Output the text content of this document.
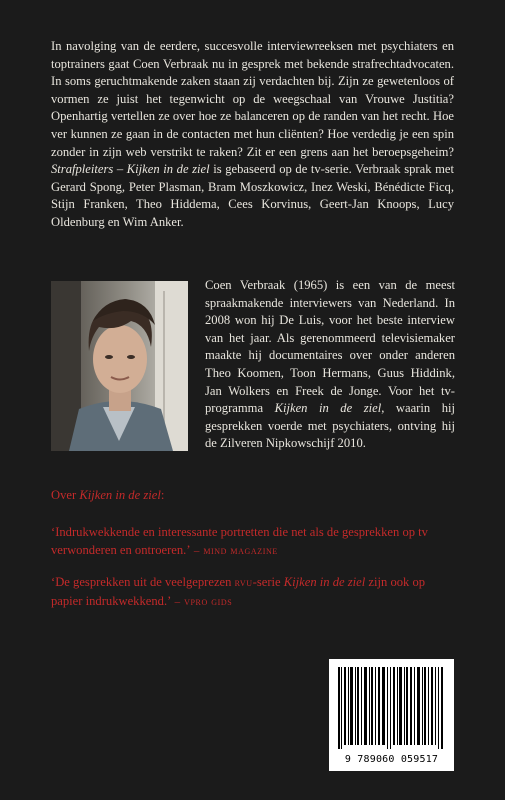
In navolging van de eerdere, succesvolle interviewreeksen met psychiaters en toptrainers gaat Coen Verbraak nu in gesprek met bekende strafrechtadvocaten. In soms geruchtmakende zaken staan zij verdachten bij. Zijn ze gewetenloos of vormen ze juist het tegenwicht op de weegschaal van Vrouwe Justitia? Openhartig vertellen ze over hoe ze balanceren op de randen van het recht. Hoe ver kunnen ze gaan in de contacten met hun cliënten? Hoe verdedig je een spin zonder in zijn web verstrikt te raken? Zit er een grens aan het beroepsgeheim? Strafpleiters – Kijken in de ziel is gebaseerd op de tv-serie. Verbraak sprak met Gerard Spong, Peter Plasman, Bram Moszkowicz, Inez Weski, Bénédicte Ficq, Stijn Franken, Theo Hiddema, Cees Korvinus, Geert-Jan Knoops, Lucy Oldenburg en Wim Anker.

Coen Verbraak (1965) is een van de meest spraakmakende interviewers van Nederland. In 2008 won hij De Luis, voor het beste interview van het jaar. Als gerenommeerd televisiemaker maakte hij documentaires over onder anderen Theo Koomen, Toon Hermans, Guus Hiddink, Jan Wolkers en Freek de Jonge. Voor het tv-programma Kijken in de ziel, waarin hij gesprekken voerde met psychiaters, ontving hij de Zilveren Nipkowschijf 2010.
Over Kijken in de ziel:
‘Indrukwekkende en interessante portretten die net als de gesprekken op tv verwonderen en ontroeren.’ – mind magazine
‘De gesprekken uit de veelgeprezen rvu-serie Kijken in de ziel zijn ook op papier indrukwekkend.’ – vpro gids
9 789060 059517
